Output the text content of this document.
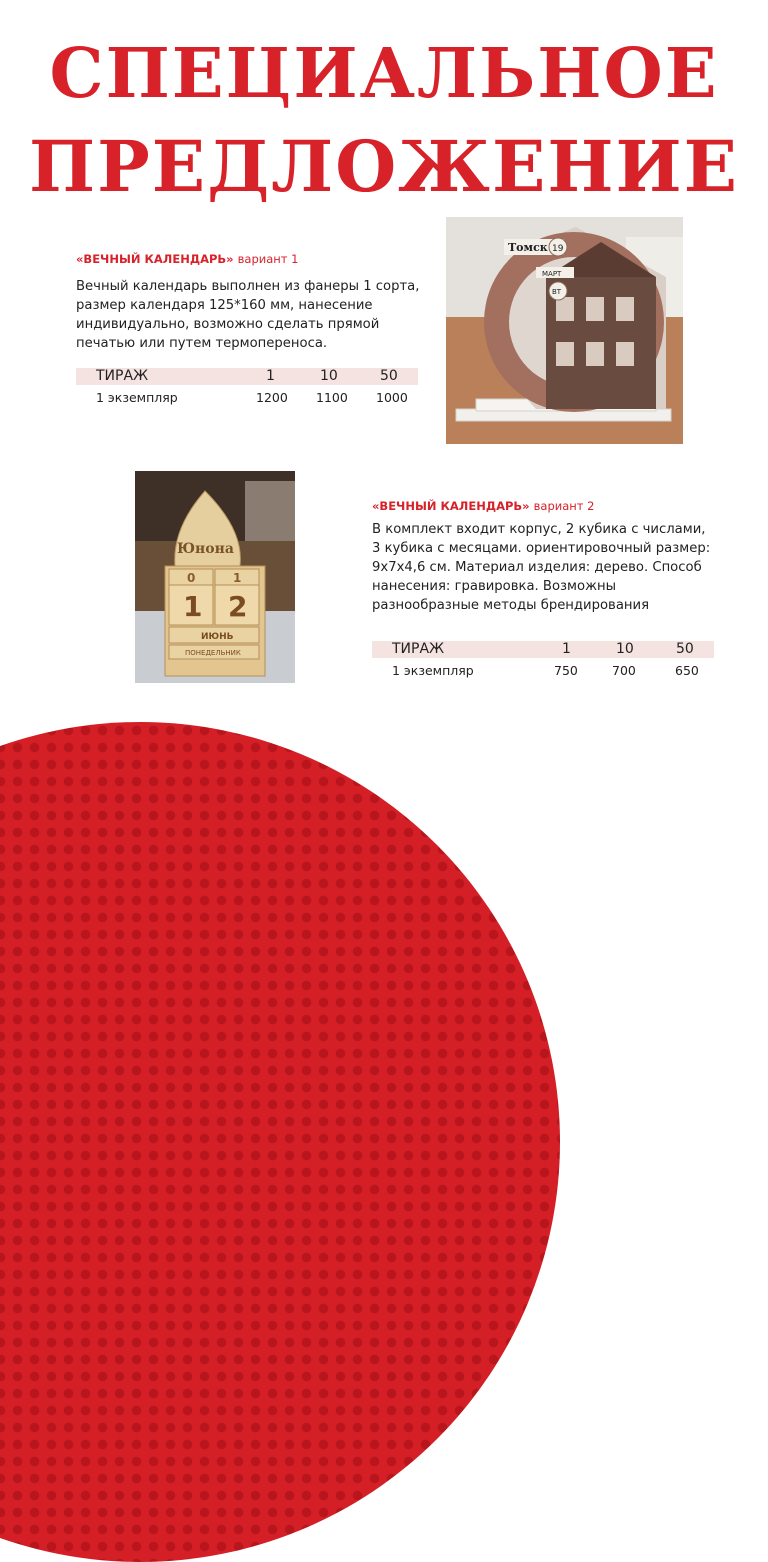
СПЕЦИАЛЬНОЕ
ПРЕДЛОЖЕНИЕ
«ВЕЧНЫЙ КАЛЕНДАРЬ» вариант 1
Вечный календарь выполнен из фанеры 1 сорта, размер календаря 125*160 мм, нанесение индивидуально, возможно сделать прямой печатью или путем термопереноса.
ТИРАЖ	1	10	50
1 экземпляр	1200 1100 1000
Томск 19
МАРТ
ВТ
Юнона
0	1
1 2
ИЮНЬ
ПОНЕДЕЛЬНИК
«ВЕЧНЫЙ КАЛЕНДАРЬ» вариант 2
В комплект входит корпус, 2 кубика с числами, 3 кубика с месяцами. ориентировочный размер: 9х7х4,6 см. Материал изделия: дерево. Способ нанесения: гравировка. Возможны разнообразные методы брендирования
ТИРАЖ	1	10	50
1 экземпляр	750	700	650
